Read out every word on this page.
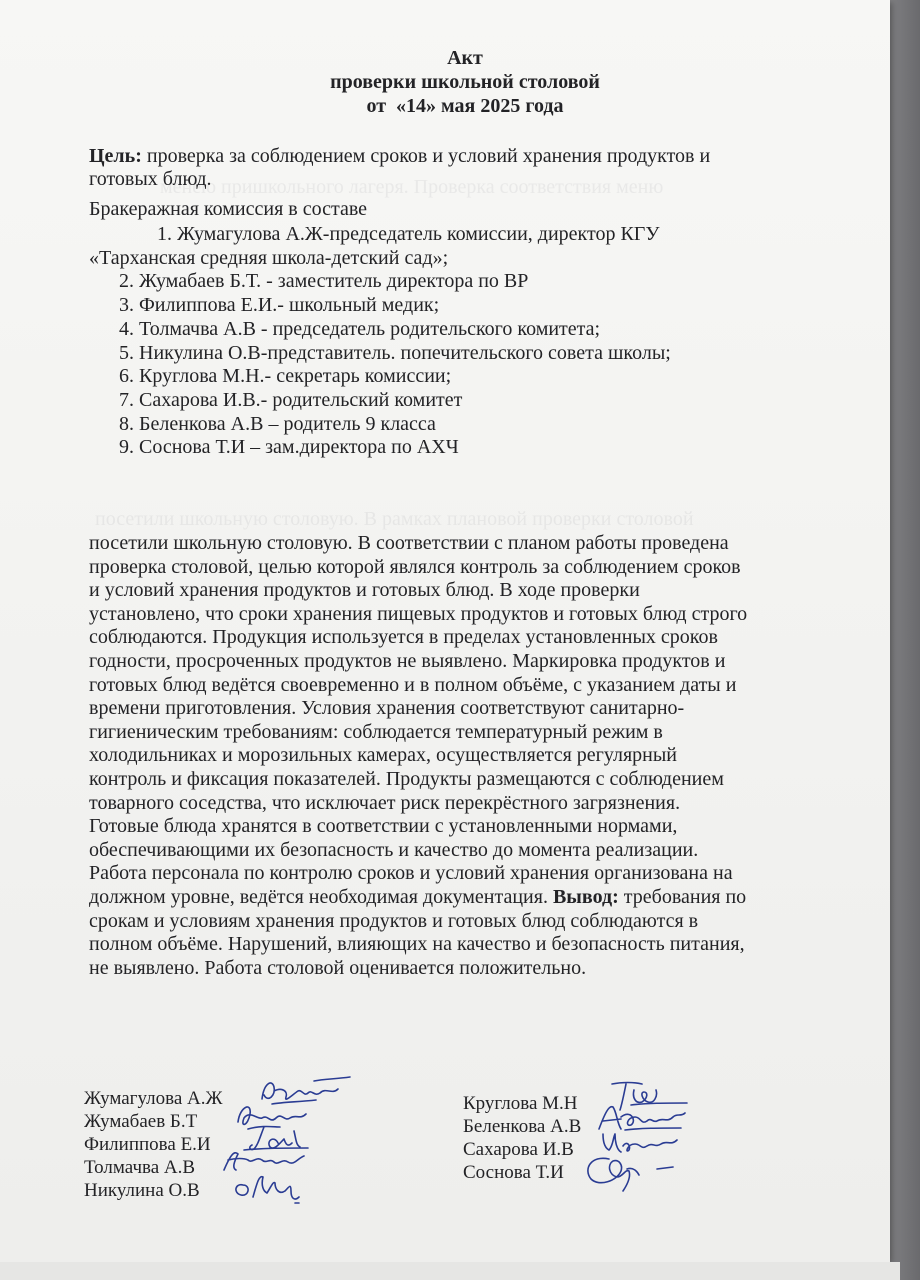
менею пришкольного лагеря. Проверка соответствия меню
посетили школьную столовую. В рамках плановой проверки столовой
Акт
проверки школьной столовой
от  «14» мая 2025 года
Цель: проверка за соблюдением сроков и условий хранения продуктов и
готовых блюд.
Бракеражная комиссия в составе
1. Жумагулова А.Ж-председатель комиссии, директор КГУ
«Тарханская средняя школа-детский сад»;
2. Жумабаев Б.Т. - заместитель директора по ВР
3. Филиппова Е.И.- школьный медик;
4. Толмачва А.В - председатель родительского комитета;
5. Никулина О.В-представитель. попечительского совета школы;
6. Круглова М.Н.- секретарь комиссии;
7. Сахарова И.В.- родительский комитет
8. Беленкова А.В – родитель 9 класса
9. Соснова Т.И – зам.директора по АХЧ
посетили школьную столовую. В соответствии с планом работы проведена
проверка столовой, целью которой являлся контроль за соблюдением сроков
и условий хранения продуктов и готовых блюд. В ходе проверки
установлено, что сроки хранения пищевых продуктов и готовых блюд строго
соблюдаются. Продукция используется в пределах установленных сроков
годности, просроченных продуктов не выявлено. Маркировка продуктов и
готовых блюд ведётся своевременно и в полном объёме, с указанием даты и
времени приготовления. Условия хранения соответствуют санитарно-
гигиеническим требованиям: соблюдается температурный режим в
холодильниках и морозильных камерах, осуществляется регулярный
контроль и фиксация показателей. Продукты размещаются с соблюдением
товарного соседства, что исключает риск перекрёстного загрязнения.
Готовые блюда хранятся в соответствии с установленными нормами,
обеспечивающими их безопасность и качество до момента реализации.
Работа персонала по контролю сроков и условий хранения организована на
должном уровне, ведётся необходимая документация. Вывод: требования по
срокам и условиям хранения продуктов и готовых блюд соблюдаются в
полном объёме. Нарушений, влияющих на качество и безопасность питания,
не выявлено. Работа столовой оценивается положительно.
Жумагулова А.Ж
Жумабаев Б.Т
Филиппова Е.И
Толмачва А.В
Никулина О.В
Круглова М.Н
Беленкова А.В
Сахарова И.В
Соснова Т.И
